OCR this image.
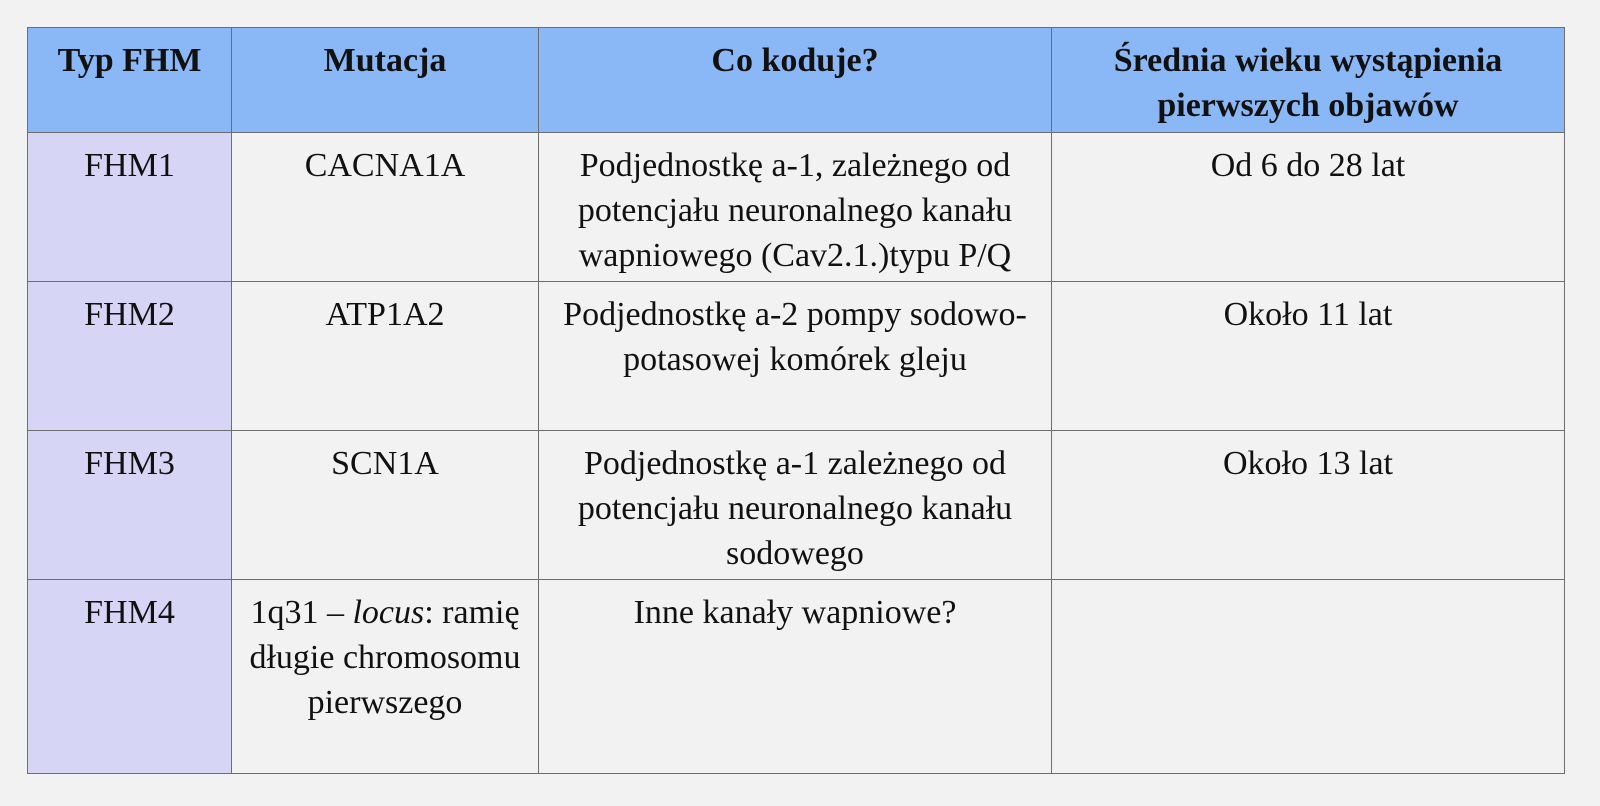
Typ FHM	Mutacja	Co koduje?	Średnia wieku wystąpienia pierwszych objawów
FHM1	CACNA1A	Podjednostkę a-1, zależnego od potencjału neuronalnego kanału wapniowego (Cav2.1.)typu P/Q	Od 6 do 28 lat
FHM2	ATP1A2	Podjednostkę a-2 pompy sodowo-potasowej komórek gleju	Około 11 lat
FHM3	SCN1A	Podjednostkę a-1 zależnego od potencjału neuronalnego kanału sodowego	Około 13 lat
FHM4	1q31 – locus: ramię długie chromosomu pierwszego	Inne kanały wapniowe?	
